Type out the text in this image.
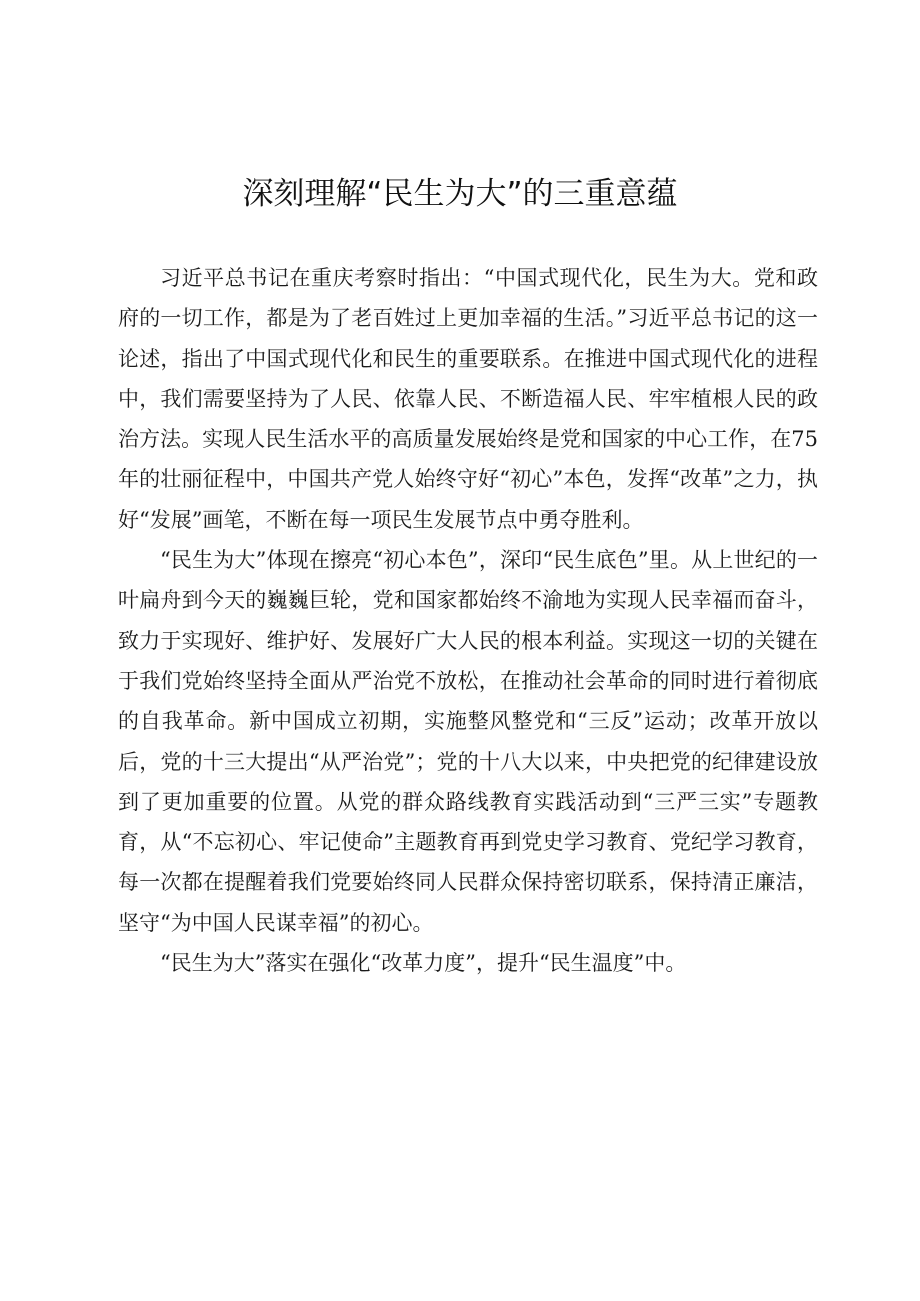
深刻理解“民生为大”的三重意蕴

习近平总书记在重庆考察时指出：“中国式现代化，民生为大。党和政府的一切工作，都是为了老百姓过上更加幸福的生活。”习近平总书记的这一论述，指出了中国式现代化和民生的重要联系。在推进中国式现代化的进程中，我们需要坚持为了人民、依靠人民、不断造福人民、牢牢植根人民的政治方法。实现人民生活水平的高质量发展始终是党和国家的中心工作，在75年的壮丽征程中，中国共产党人始终守好“初心”本色，发挥“改革”之力，执好“发展”画笔，不断在每一项民生发展节点中勇夺胜利。

“民生为大”体现在擦亮“初心本色”，深印“民生底色”里。从上世纪的一叶扁舟到今天的巍巍巨轮，党和国家都始终不渝地为实现人民幸福而奋斗，致力于实现好、维护好、发展好广大人民的根本利益。实现这一切的关键在于我们党始终坚持全面从严治党不放松，在推动社会革命的同时进行着彻底的自我革命。新中国成立初期，实施整风整党和“三反”运动；改革开放以后，党的十三大提出“从严治党”；党的十八大以来，中央把党的纪律建设放到了更加重要的位置。从党的群众路线教育实践活动到“三严三实”专题教育，从“不忘初心、牢记使命”主题教育再到党史学习教育、党纪学习教育，每一次都在提醒着我们党要始终同人民群众保持密切联系，保持清正廉洁，坚守“为中国人民谋幸福”的初心。

“民生为大”落实在强化“改革力度”，提升“民生温度”中。
